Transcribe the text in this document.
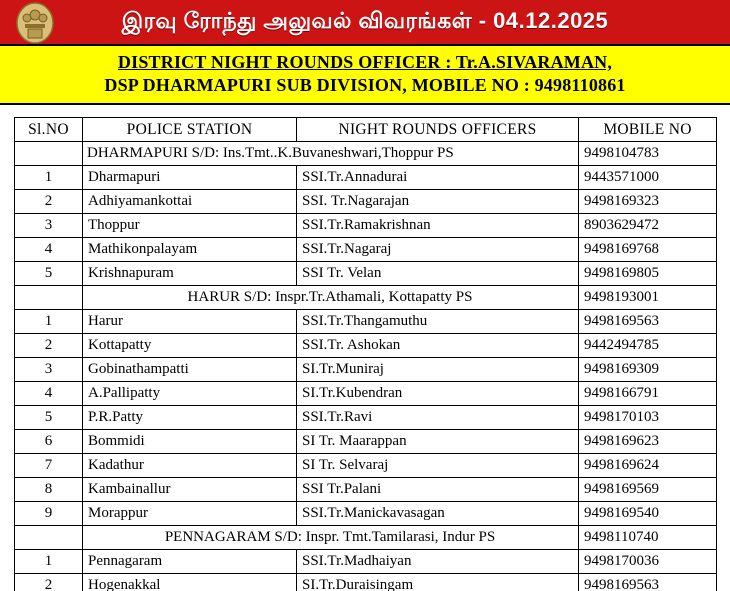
இரவு ரோந்து அலுவல் விவரங்கள் - 04.12.2025
DISTRICT NIGHT ROUNDS OFFICER : Tr.A.SIVARAMAN,
DSP DHARMAPURI SUB DIVISION, MOBILE NO : 9498110861
Sl.NO	POLICE STATION	NIGHT ROUNDS OFFICERS	MOBILE NO
	DHARMAPURI S/D: Ins.Tmt..K.Buvaneshwari,Thoppur PS		9498104783
1	Dharmapuri	SSI.Tr.Annadurai	9443571000
2	Adhiyamankottai	SSI. Tr.Nagarajan	9498169323
3	Thoppur	SSI.Tr.Ramakrishnan	8903629472
4	Mathikonpalayam	SSI.Tr.Nagaraj	9498169768
5	Krishnapuram	SSI Tr. Velan	9498169805
	HARUR S/D: Inspr.Tr.Athamali, Kottapatty PS		9498193001
1	Harur	SSI.Tr.Thangamuthu	9498169563
2	Kottapatty	SSI.Tr. Ashokan	9442494785
3	Gobinathampatti	SI.Tr.Muniraj	9498169309
4	A.Pallipatty	SI.Tr.Kubendran	9498166791
5	P.R.Patty	SSI.Tr.Ravi	9498170103
6	Bommidi	SI Tr. Maarappan	9498169623
7	Kadathur	SI Tr. Selvaraj	9498169624
8	Kambainallur	SSI Tr.Palani	9498169569
9	Morappur	SSI.Tr.Manickavasagan	9498169540
	PENNAGARAM S/D: Inspr. Tmt.Tamilarasi, Indur PS		9498110740
1	Pennagaram	SSI.Tr.Madhaiyan	9498170036
2	Hogenakkal	SI.Tr.Duraisingam	9498169563
